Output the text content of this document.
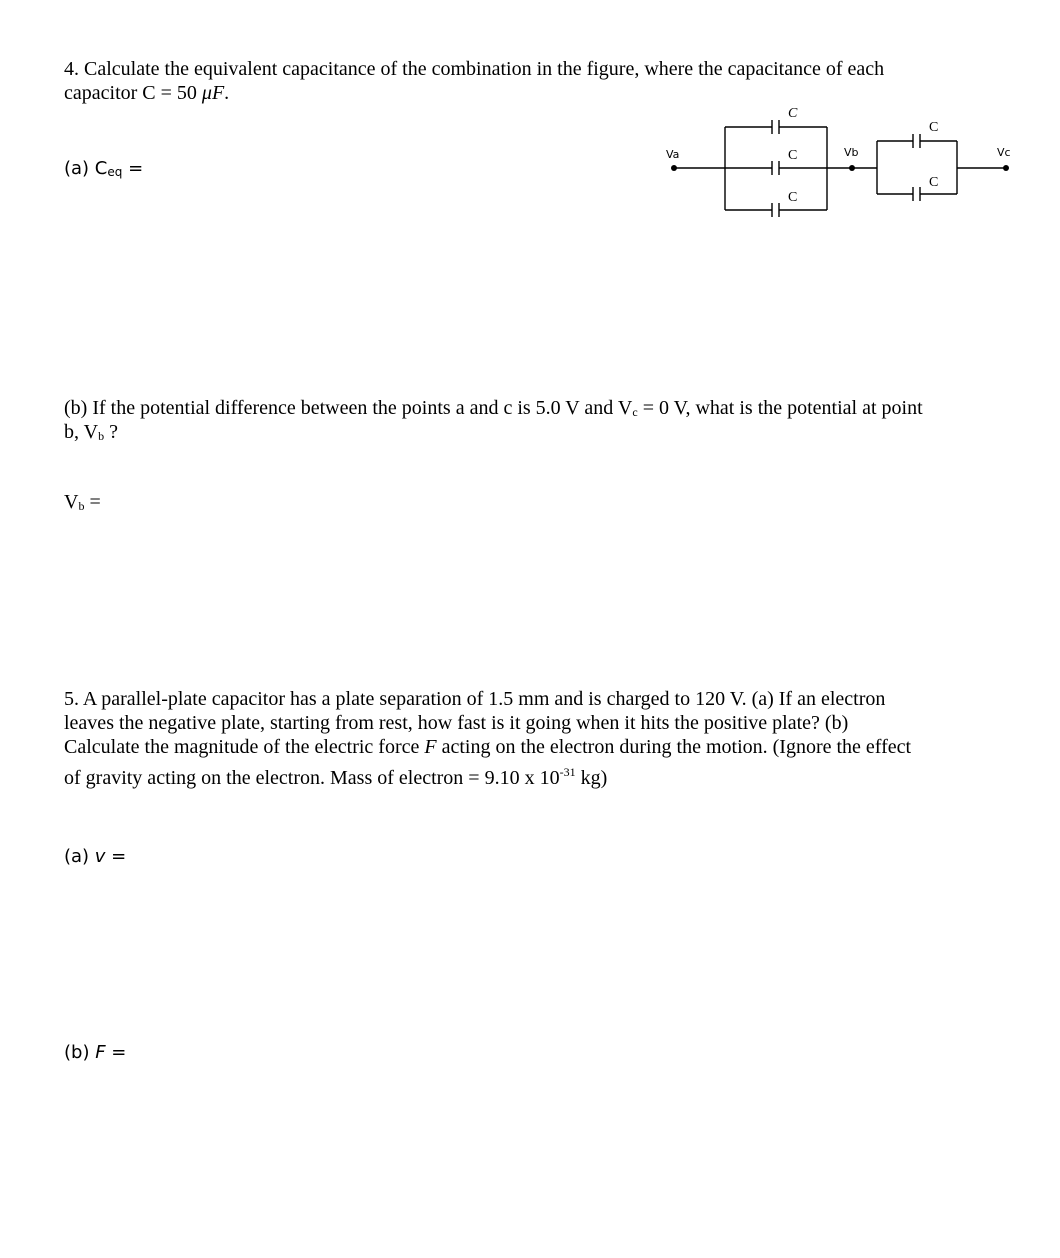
4. Calculate the equivalent capacitance of the combination in the figure, where the capacitance of each
capacitor C = 50 μF.
(a) $C_{eq}$ =
Va	Vb	Vc
C
C
C
C
C
(b) If the potential difference between the points a and c is 5.0 V and $V_c = 0$ V, what is the potential at point
b, $V_b$ ?
$V_b$ =
5. A parallel-plate capacitor has a plate separation of 1.5 mm and is charged to 120 V. (a) If an electron
leaves the negative plate, starting from rest, how fast is it going when it hits the positive plate? (b)
Calculate the magnitude of the electric force F acting on the electron during the motion. (Ignore the effect
of gravity acting on the electron. Mass of electron = 9.10 x $10^{-31}$ kg)
(a) v =
(b) F =
